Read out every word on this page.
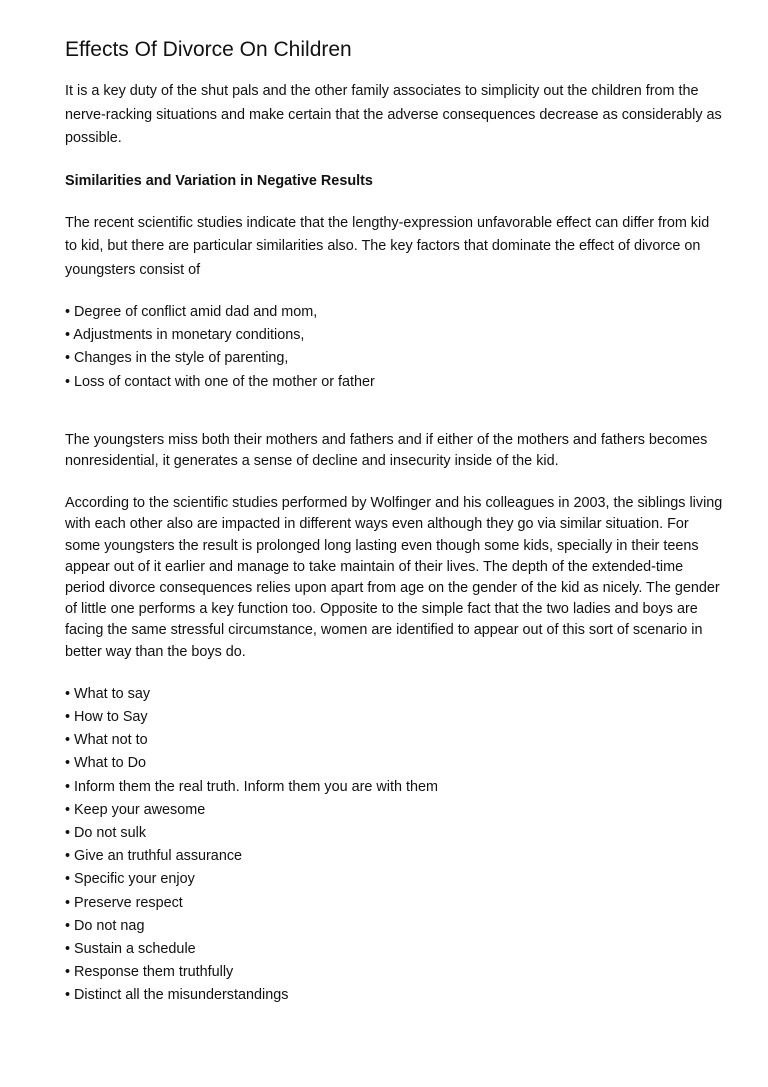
Effects Of Divorce On Children

It is a key duty of the shut pals and the other family associates to simplicity out the children from the nerve-racking situations and make certain that the adverse consequences decrease as considerably as possible.

Similarities and Variation in Negative Results

The recent scientific studies indicate that the lengthy-expression unfavorable effect can differ from kid to kid, but there are particular similarities also. The key factors that dominate the effect of divorce on youngsters consist of

• Degree of conflict amid dad and mom,
• Adjustments in monetary conditions,
• Changes in the style of parenting,
• Loss of contact with one of the mother or father

The youngsters miss both their mothers and fathers and if either of the mothers and fathers becomes nonresidential, it generates a sense of decline and insecurity inside of the kid.

According to the scientific studies performed by Wolfinger and his colleagues in 2003, the siblings living with each other also are impacted in different ways even although they go via similar situation. For some youngsters the result is prolonged long lasting even though some kids, specially in their teens appear out of it earlier and manage to take maintain of their lives. The depth of the extended-time period divorce consequences relies upon apart from age on the gender of the kid as nicely. The gender of little one performs a key function too. Opposite to the simple fact that the two ladies and boys are facing the same stressful circumstance, women are identified to appear out of this sort of scenario in better way than the boys do.

• What to say
• How to Say
• What not to
• What to Do
• Inform them the real truth. Inform them you are with them
• Keep your awesome
• Do not sulk
• Give an truthful assurance
• Specific your enjoy
• Preserve respect
• Do not nag
• Sustain a schedule
• Response them truthfully
• Distinct all the misunderstandings
